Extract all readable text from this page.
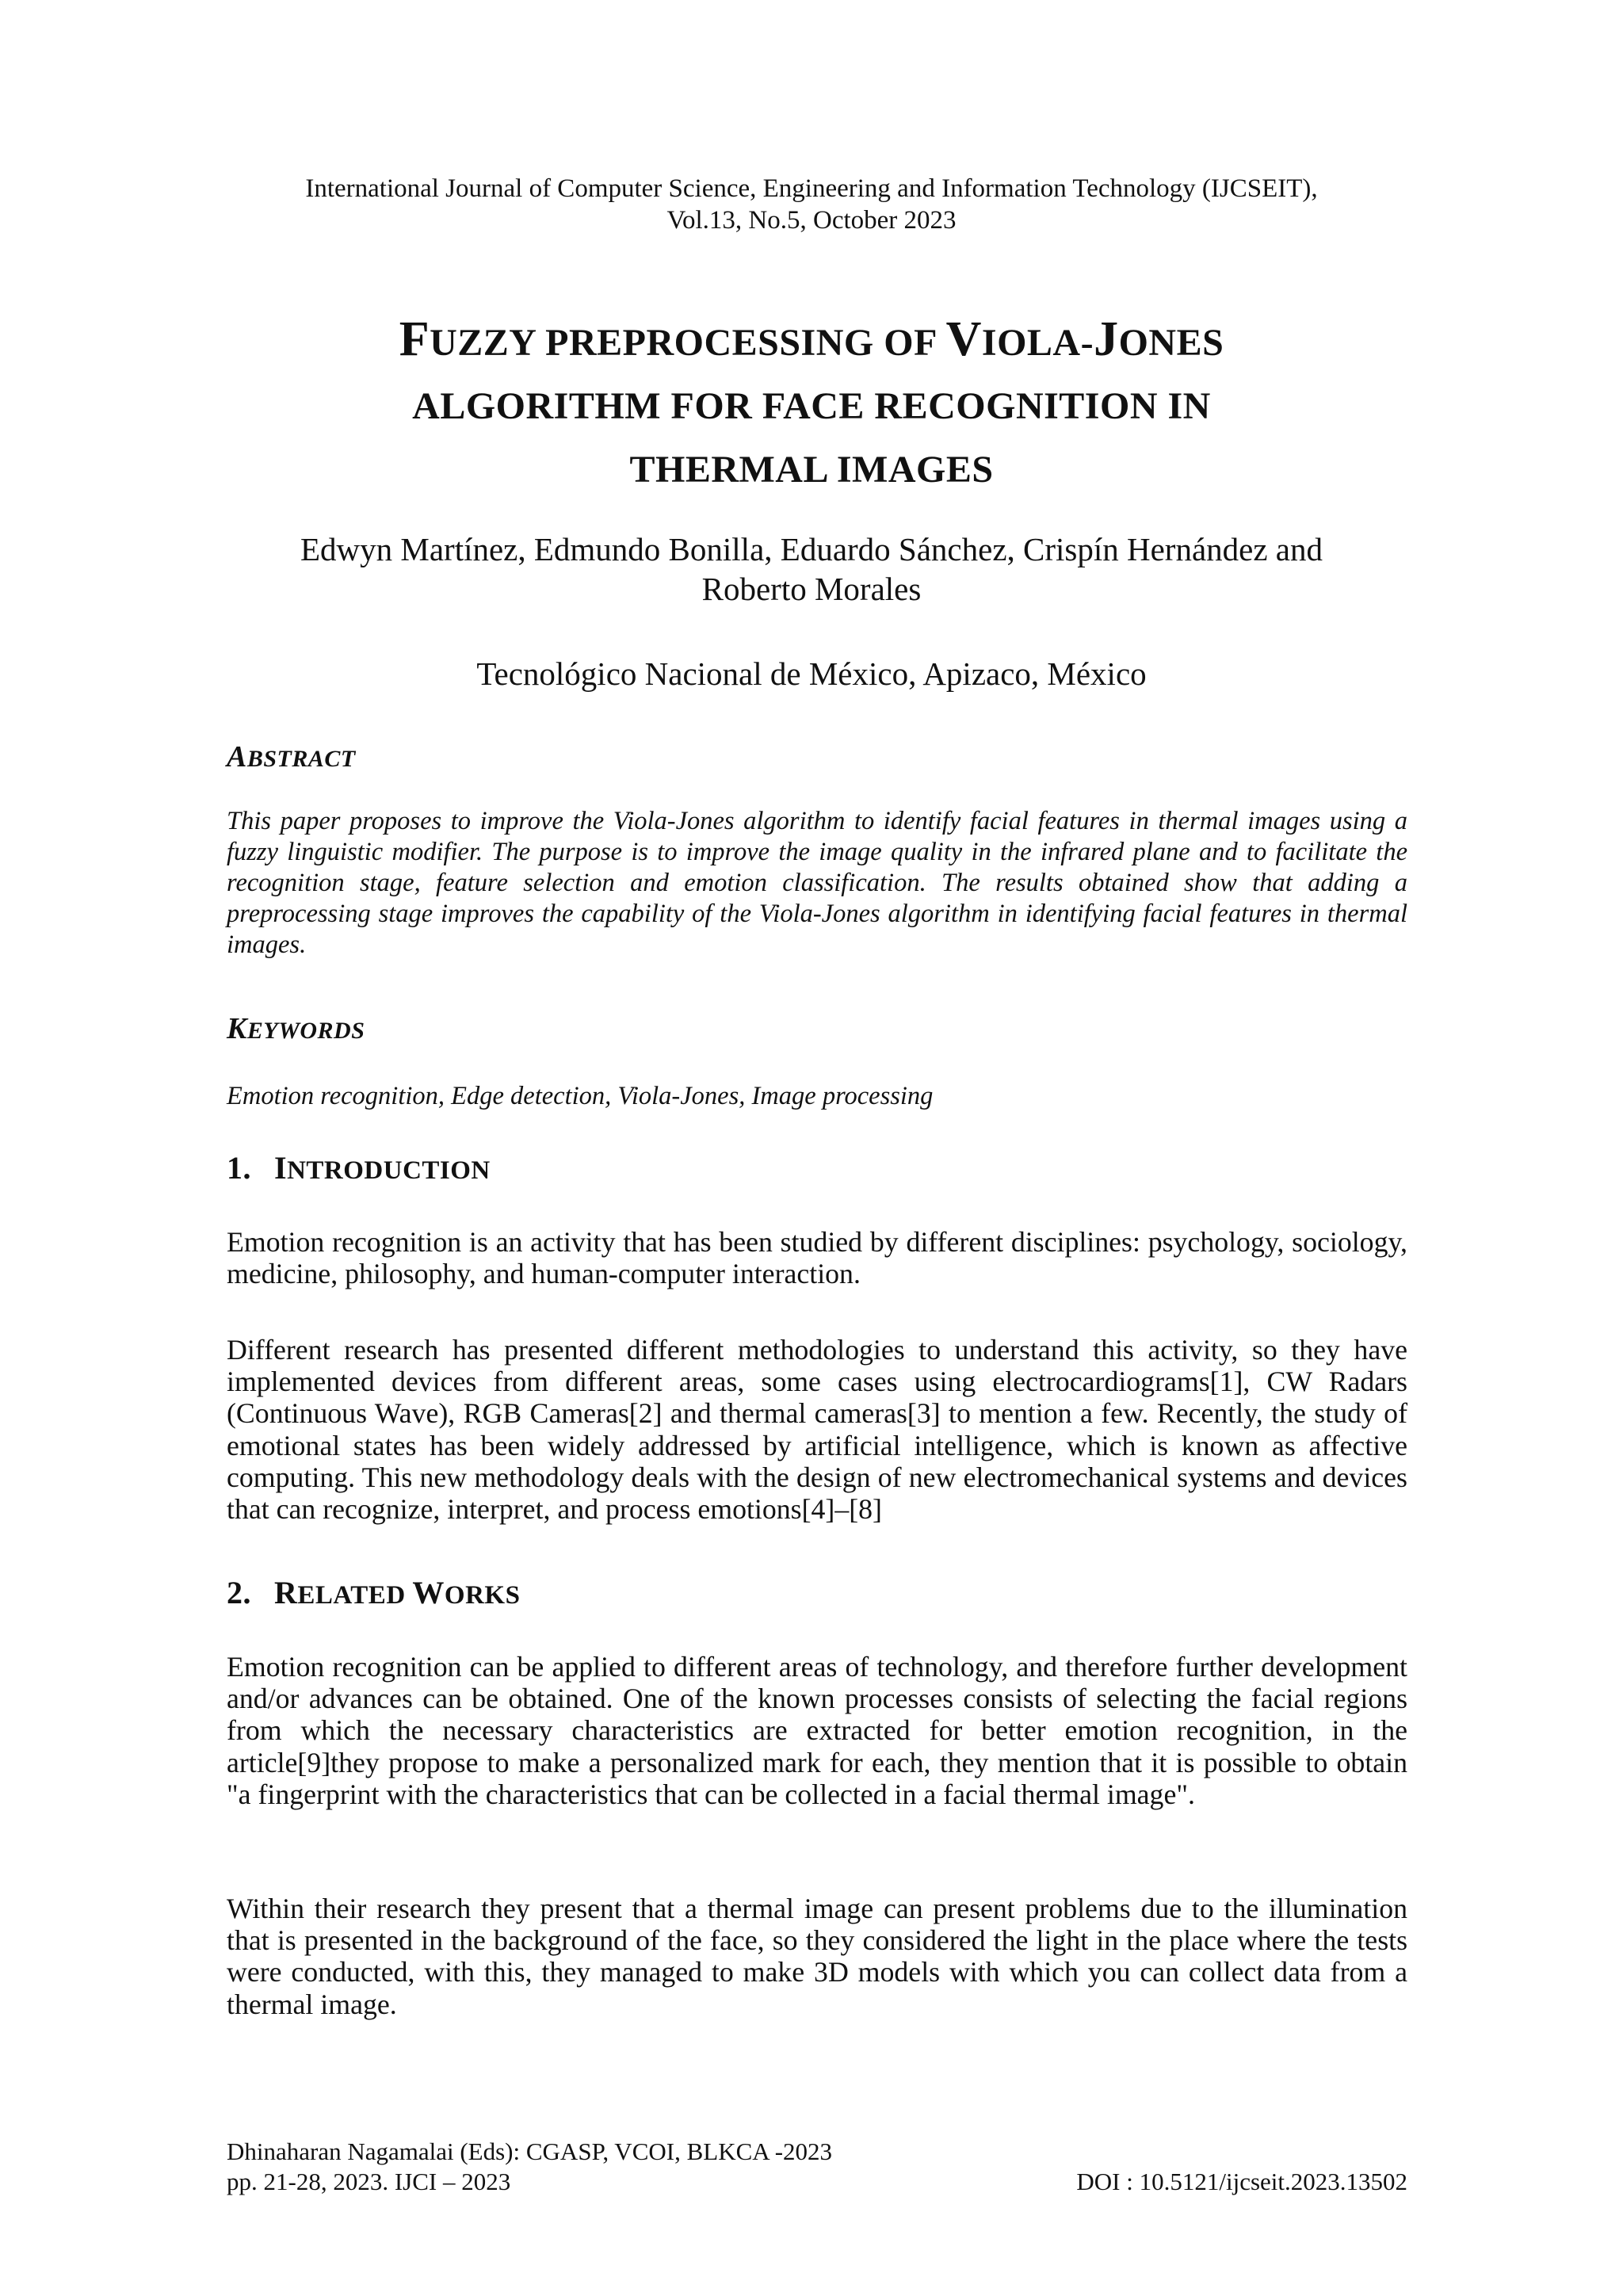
International Journal of Computer Science, Engineering and Information Technology (IJCSEIT),
Vol.13, No.5, October 2023
FUZZY PREPROCESSING OF VIOLA-JONES
ALGORITHM FOR FACE RECOGNITION IN
THERMAL IMAGES
Edwyn Martínez, Edmundo Bonilla, Eduardo Sánchez, Crispín Hernández and
Roberto Morales
Tecnológico Nacional de México, Apizaco, México
ABSTRACT
This paper proposes to improve the Viola-Jones algorithm to identify facial features in thermal images using a fuzzy linguistic modifier. The purpose is to improve the image quality in the infrared plane and to facilitate the recognition stage, feature selection and emotion classification. The results obtained show that adding a preprocessing stage improves the capability of the Viola-Jones algorithm in identifying facial features in thermal images.
KEYWORDS
Emotion recognition, Edge detection, Viola-Jones, Image processing
1. INTRODUCTION
Emotion recognition is an activity that has been studied by different disciplines: psychology, sociology, medicine, philosophy, and human-computer interaction.
Different research has presented different methodologies to understand this activity, so they have implemented devices from different areas, some cases using electrocardiograms[1], CW Radars (Continuous Wave), RGB Cameras[2] and thermal cameras[3] to mention a few. Recently, the study of emotional states has been widely addressed by artificial intelligence, which is known as affective computing. This new methodology deals with the design of new electromechanical systems and devices that can recognize, interpret, and process emotions[4]–[8]
2. RELATED WORKS
Emotion recognition can be applied to different areas of technology, and therefore further development and/or advances can be obtained. One of the known processes consists of selecting the facial regions from which the necessary characteristics are extracted for better emotion recognition, in the article[9]they propose to make a personalized mark for each, they mention that it is possible to obtain "a fingerprint with the characteristics that can be collected in a facial thermal image".
Within their research they present that a thermal image can present problems due to the illumination that is presented in the background of the face, so they considered the light in the place where the tests were conducted, with this, they managed to make 3D models with which you can collect data from a thermal image.
Dhinaharan Nagamalai (Eds): CGASP, VCOI, BLKCA -2023
pp. 21-28, 2023. IJCI – 2023	DOI : 10.5121/ijcseit.2023.13502
